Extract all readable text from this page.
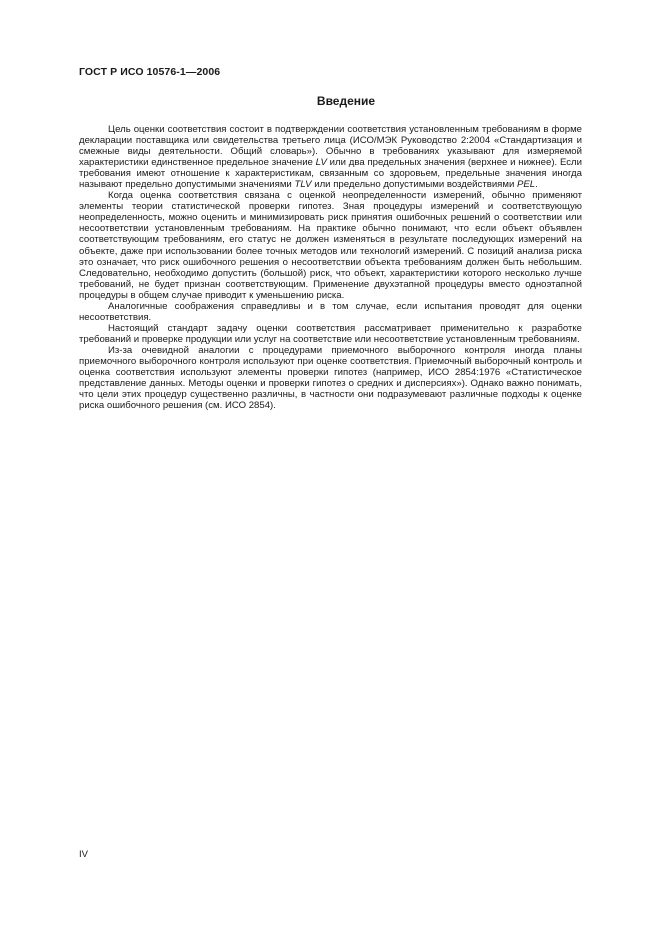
ГОСТ Р ИСО 10576-1—2006
Введение

Цель оценки соответствия состоит в подтверждении соответствия установленным требованиям в форме декларации поставщика или свидетельства третьего лица (ИСО/МЭК Руководство 2:2004 «Стандартизация и смежные виды деятельности. Общий словарь»). Обычно в требованиях указывают для измеряемой характеристики единственное предельное значение LV или два предельных значения (верхнее и нижнее). Если требования имеют отношение к характеристикам, связанным со здоровьем, предельные значения иногда называют предельно допустимыми значениями TLV или предельно допустимыми воздействиями PEL.

Когда оценка соответствия связана с оценкой неопределенности измерений, обычно применяют элементы теории статистической проверки гипотез. Зная процедуры измерений и соответствующую неопределенность, можно оценить и минимизировать риск принятия ошибочных решений о соответствии или несоответствии установленным требованиям. На практике обычно понимают, что если объект объявлен соответствующим требованиям, его статус не должен изменяться в результате последующих измерений на объекте, даже при использовании более точных методов или технологий измерений. С позиций анализа риска это означает, что риск ошибочного решения о несоответствии объекта требованиям должен быть небольшим. Следовательно, необходимо допустить (большой) риск, что объект, характеристики которого несколько лучше требований, не будет признан соответствующим. Применение двухэтапной процедуры вместо одноэтапной процедуры в общем случае приводит к уменьшению риска.

Аналогичные соображения справедливы и в том случае, если испытания проводят для оценки несоответствия.

Настоящий стандарт задачу оценки соответствия рассматривает применительно к разработке требований и проверке продукции или услуг на соответствие или несоответствие установленным требованиям.

Из-за очевидной аналогии с процедурами приемочного выборочного контроля иногда планы приемочного выборочного контроля используют при оценке соответствия. Приемочный выборочный контроль и оценка соответствия используют элементы проверки гипотез (например, ИСО 2854:1976 «Статистическое представление данных. Методы оценки и проверки гипотез о средних и дисперсиях»). Однако важно понимать, что цели этих процедур существенно различны, в частности они подразумевают различные подходы к оценке риска ошибочного решения (см. ИСО 2854).

IV
